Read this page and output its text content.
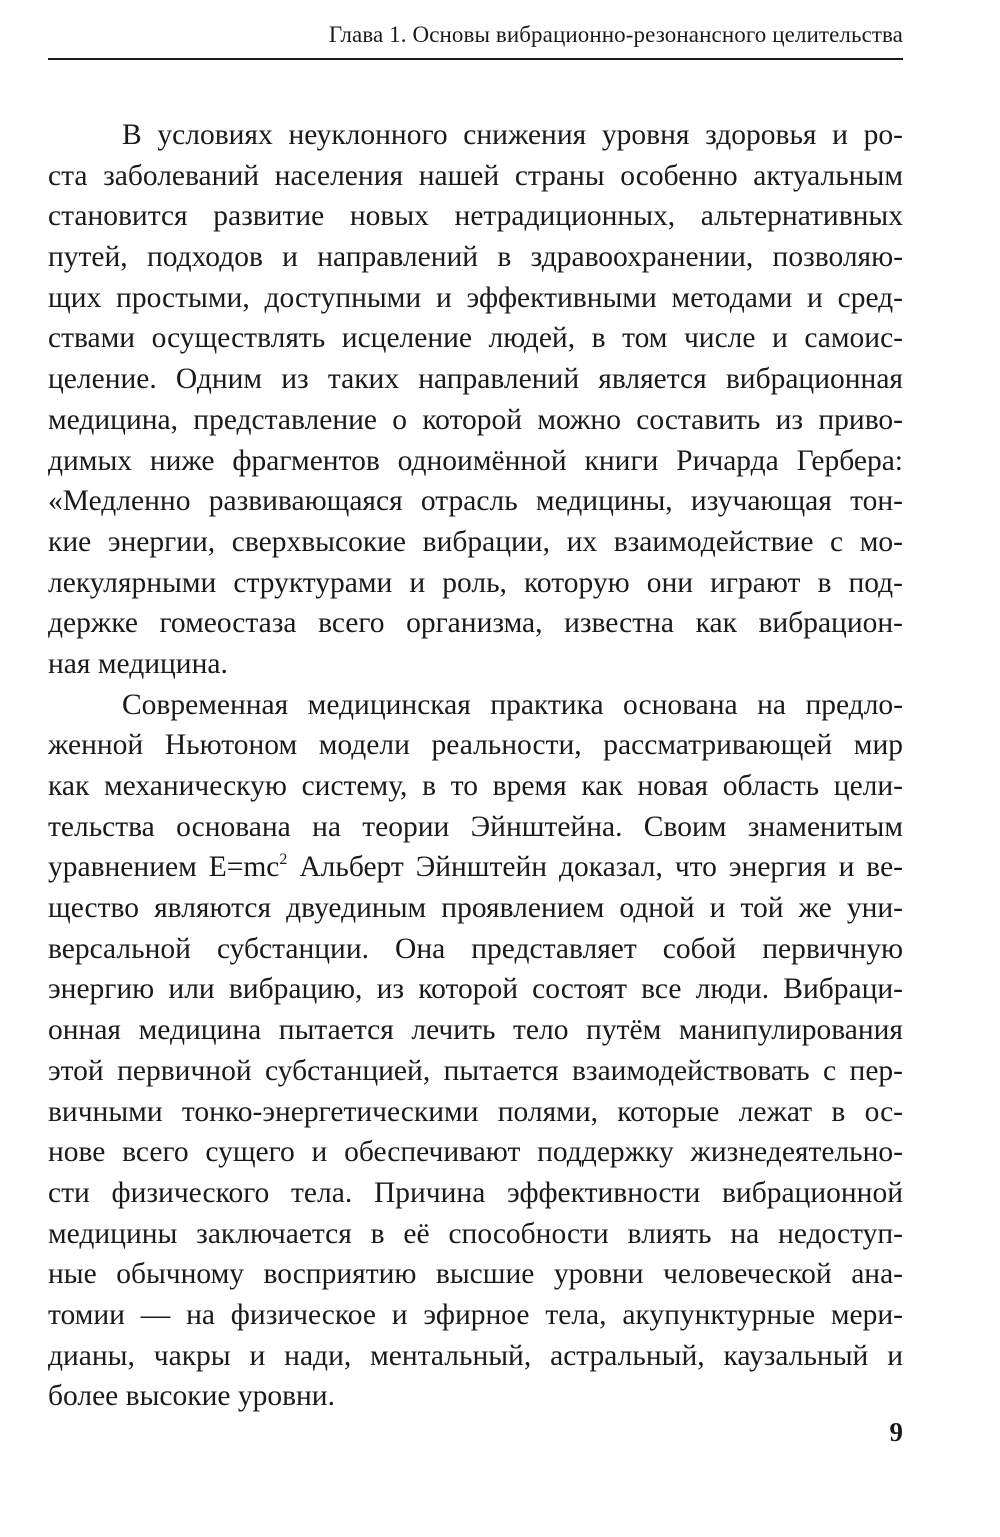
Глава 1. Основы вибрационно-резонансного целительства
В условиях неуклонного снижения уровня здоровья и ро-
ста заболеваний населения нашей страны особенно актуальным
становится развитие новых нетрадиционных, альтернативных
путей, подходов и направлений в здравоохранении, позволяю-
щих простыми, доступными и эффективными методами и сред-
ствами осуществлять исцеление людей, в том числе и самоис-
целение. Одним из таких направлений является вибрационная
медицина, представление о которой можно составить из приво-
димых ниже фрагментов одноимённой книги Ричарда Гербера:
«Медленно развивающаяся отрасль медицины, изучающая тон-
кие энергии, сверхвысокие вибрации, их взаимодействие с мо-
лекулярными структурами и роль, которую они играют в под-
держке гомеостаза всего организма, известна как вибрацион-
ная медицина.
Современная медицинская практика основана на предло-
женной Ньютоном модели реальности, рассматривающей мир
как механическую систему, в то время как новая область цели-
тельства основана на теории Эйнштейна. Своим знаменитым
уравнением $E=mc^2$ Альберт Эйнштейн доказал, что энергия и ве-
щество являются двуединым проявлением одной и той же уни-
версальной субстанции. Она представляет собой первичную
энергию или вибрацию, из которой состоят все люди. Вибраци-
онная медицина пытается лечить тело путём манипулирования
этой первичной субстанцией, пытается взаимодействовать с пер-
вичными тонко-энергетическими полями, которые лежат в ос-
нове всего сущего и обеспечивают поддержку жизнедеятельно-
сти физического тела. Причина эффективности вибрационной
медицины заключается в её способности влиять на недоступ-
ные обычному восприятию высшие уровни человеческой ана-
томии — на физическое и эфирное тела, акупунктурные мери-
дианы, чакры и нади, ментальный, астральный, каузальный и
более высокие уровни.
9
